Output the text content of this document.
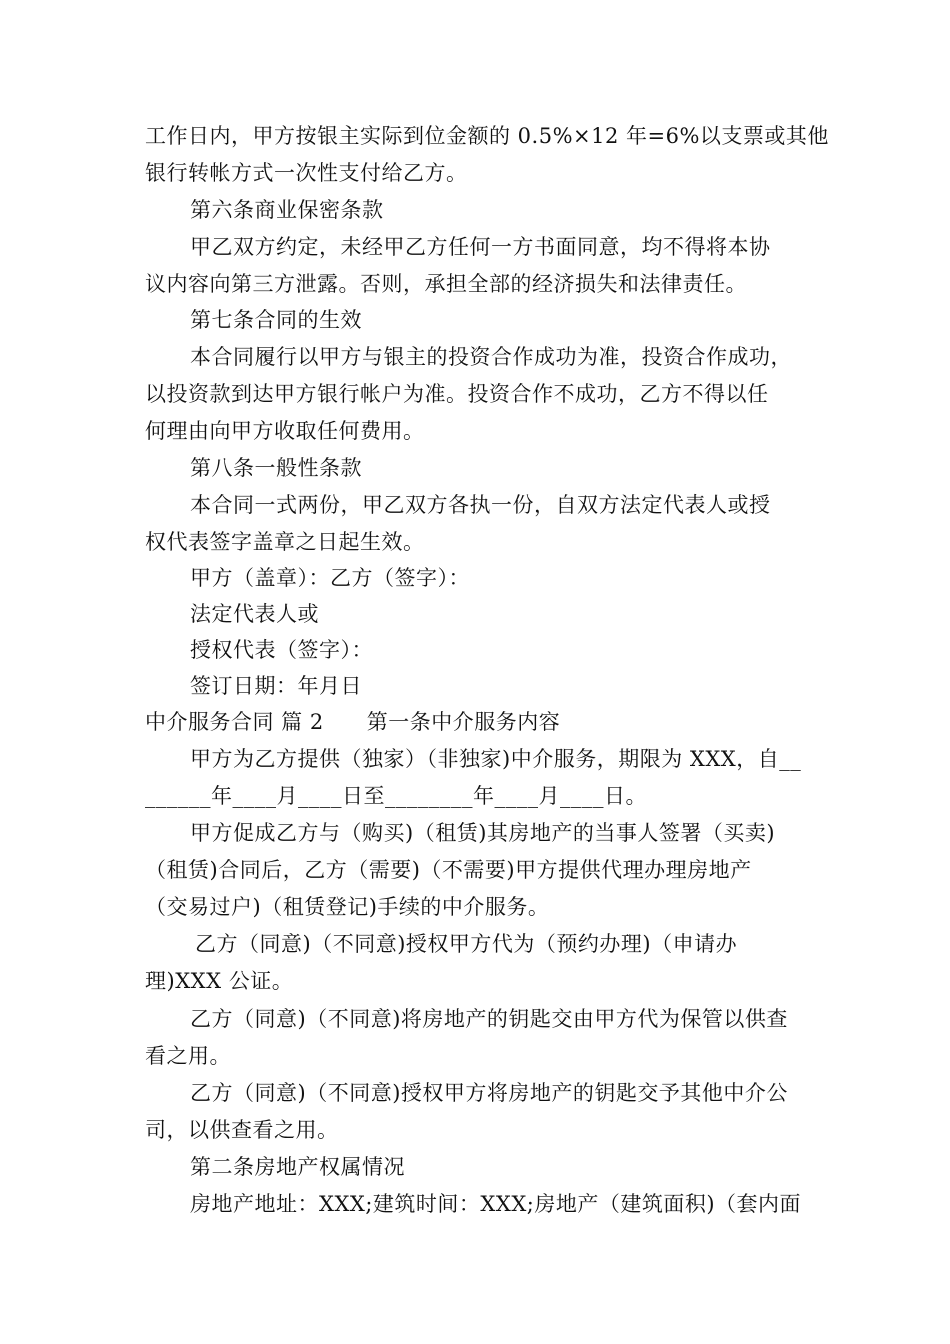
工作日内，甲方按银主实际到位金额的 0.5%×12 年=6%以支票或其他
银行转帐方式一次性支付给乙方。
第六条商业保密条款
甲乙双方约定，未经甲乙方任何一方书面同意，均不得将本协
议内容向第三方泄露。否则，承担全部的经济损失和法律责任。
第七条合同的生效
本合同履行以甲方与银主的投资合作成功为准，投资合作成功，
以投资款到达甲方银行帐户为准。投资合作不成功，乙方不得以任
何理由向甲方收取任何费用。
第八条一般性条款
本合同一式两份，甲乙双方各执一份，自双方法定代表人或授
权代表签字盖章之日起生效。
甲方（盖章）：乙方（签字）：
法定代表人或
授权代表（签字）：
签订日期：年月日
中介服务合同 篇 2　　第一条中介服务内容
甲方为乙方提供（独家）（非独家)中介服务，期限为 XXX，自__
______年____月____日至________年____月____日。
甲方促成乙方与（购买)（租赁)其房地产的当事人签署（买卖)
（租赁)合同后，乙方（需要)（不需要)甲方提供代理办理房地产
（交易过户)（租赁登记)手续的中介服务。
乙方（同意)（不同意)授权甲方代为（预约办理)（申请办
理)XXX 公证。
乙方（同意)（不同意)将房地产的钥匙交由甲方代为保管以供查
看之用。
乙方（同意)（不同意)授权甲方将房地产的钥匙交予其他中介公
司，以供查看之用。
第二条房地产权属情况
房地产地址：XXX;建筑时间：XXX;房地产（建筑面积)（套内面
